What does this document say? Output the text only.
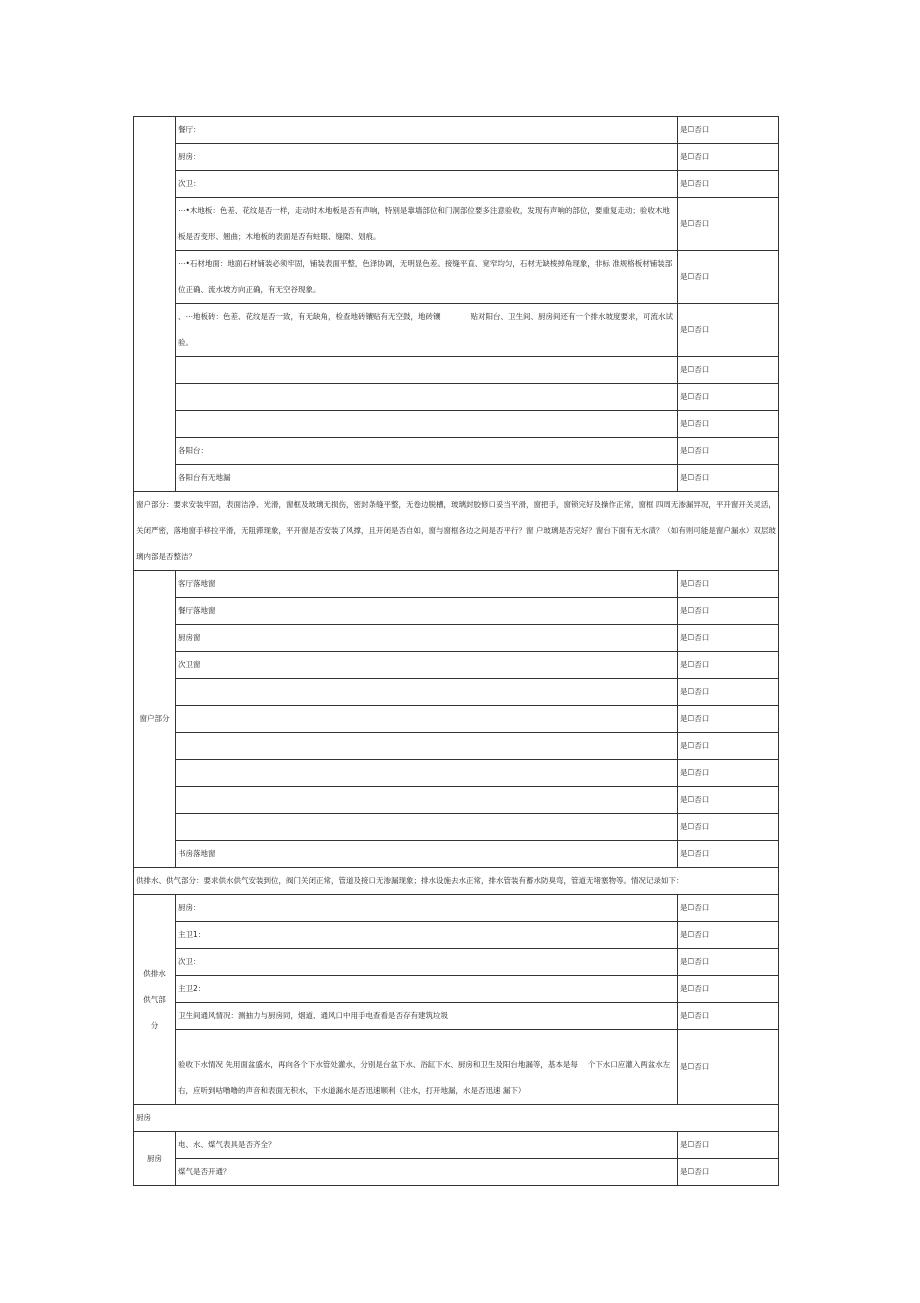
	餐厅：	是☐否口
	厨房：	是☐否口
	次卫：	是☐否口
	⋯•木地板：色差、花纹是否一样，走动时木地板是否有声响，特别是靠墙部位和门洞部位要多注意验收，发现有声响的部位，要重复走动；验收木地板是否变形、翘曲；木地板的表面是否有蛀眼、缝隙、划痕。	是☐否口
	⋯•石材地面：地面石材铺装必须牢固，铺装表面平整，色泽协调，无明显色差。接缝平直、宽窄均匀，石材无缺棱掉角现象，非标 准规格板材铺装部位正确、流水坡方向正确，有无空谷现象。	是☐否口
	、⋯地板砖：色差、花纹是否一致，有无缺角，检查地砖镶贴有无空鼓，地砖镶　　　　贴对阳台、卫生间、厨房间还有一个排水坡度要求，可流水试验。	是☐否口
		是☐否口
		是☐否口
		是☐否口
	各阳台：	是☐否口
	各阳台有无地漏	是☐否口
窗户部分：要求安装牢固，表面洁净、光滑，窗框及玻璃无损伤，密封条缝平整，无卷边脱槽，玻璃封胶修口妥当平滑，窗把手，窗锁完好及操作正常，窗框 四周无渗漏异况，平开窗开关灵活，关闭严密，落地窗手移拉平滑，无阻滞现象，平开窗是否安装了风撑，且开闭是否自如，窗与窗框各边之间是否平行？窗 户玻璃是否完好？窗台下面有无水渍？（如有则可能是窗户漏水）双层玻璃内部是否整洁？		
窗户部分	客厅落地窗	是☐否口
	餐厅落地窗	是☐否口
	厨房窗	是☐否口
	次卫窗	是☐否口
		是☐否口
		是☐否口
		是☐否口
		是☐否口
		是☐否口
		是☐否口
	书房落地窗	是☐否口
供排水、供气部分：要求供水供气安装到位，阀门关闭正常，管道及接口无渗漏现象；排水设施去水正常，排水管装有蓄水防臭弯，管道无堵塞物等。情况记录如下：		
供排水
供气部
分	厨房：	是☐否口
	主卫1：	是☐否口
	次卫：	是☐否口
	主卫2：	是☐否口
	卫生间通风情况：测抽力与厨房同，烟道、通风口中用手电查看是否存有建筑垃圾	是☐否口
	验收下水情况 先用面盆盛水，再向各个下水管处灌水，分别是台盆下水、浴缸下水、厨房和卫生及阳台地漏等，基本是每　 个下水口应灌入两盆水左右，应听到咕噜噜的声音和表面无积水，下水道漏水是否迅速顺利（注水，打开地漏，水是否迅速 漏下）	是☐否口
厨房		
厨房	电、水、煤气表具是否齐全？	是☐否口
	煤气是否开通？	是☐否口
